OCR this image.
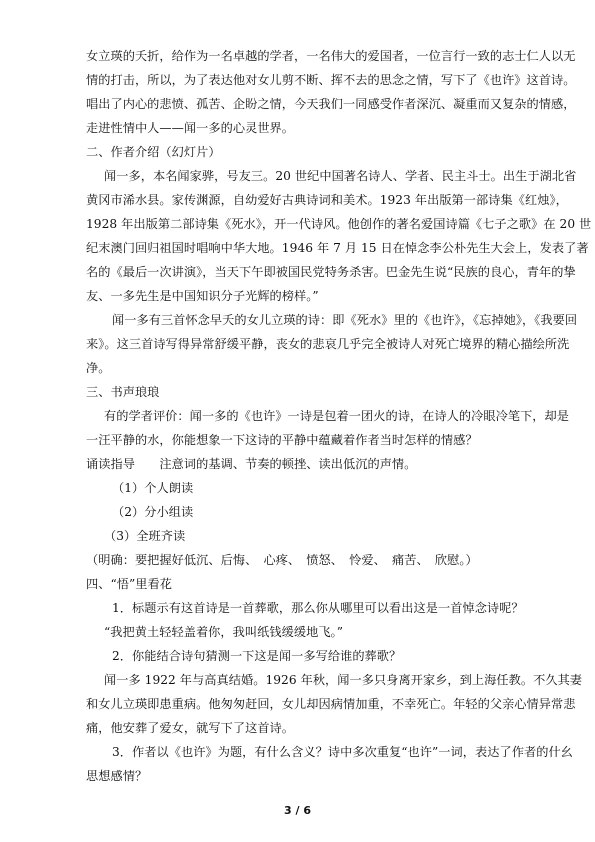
女立瑛的夭折，给作为一名卓越的学者，一名伟大的爱国者，一位言行一致的志士仁人以无
情的打击，所以，为了表达他对女儿剪不断、挥不去的思念之情，写下了《也许》这首诗。
唱出了内心的悲愤、孤苦、企盼之情，今天我们一同感受作者深沉、凝重而又复杂的情感，
走进性情中人——闻一多的心灵世界。
二、作者介绍（幻灯片）
闻一多，本名闻家骅，号友三。20 世纪中国著名诗人、学者、民主斗士。出生于湖北省
黄冈市浠水县。家传渊源，自幼爱好古典诗词和美术。1923 年出版第一部诗集《红烛》，
1928 年出版第二部诗集《死水》，开一代诗风。他创作的著名爱国诗篇《七子之歌》在 20 世
纪末澳门回归祖国时唱响中华大地。1946 年 7 月 15 日在悼念李公朴先生大会上，发表了著
名的《最后一次讲演》，当天下午即被国民党特务杀害。巴金先生说“民族的良心，青年的挚
友、一多先生是中国知识分子光辉的榜样。”
闻一多有三首怀念早夭的女儿立瑛的诗：即《死水》里的《也许》，《忘掉她》，《我要回
来》。这三首诗写得异常舒缓平静，丧女的悲哀几乎完全被诗人对死亡境界的精心描绘所洗
净。
三、书声琅琅
有的学者评价：闻一多的《也许》一诗是包着一团火的诗，在诗人的冷眼冷笔下，却是
一汪平静的水，你能想象一下这诗的平静中蕴藏着作者当时怎样的情感？
诵读指导　　注意词的基调、节奏的顿挫、读出低沉的声情。
（1）个人朗读
（2）分小组读
（3）全班齐读
（明确：要把握好低沉、后悔、　心疼、　愤怒、　怜爱、　痛苦、　欣慰。）
四、“悟”里看花
1．标题示有这首诗是一首葬歌，那么你从哪里可以看出这是一首悼念诗呢？
“我把黄土轻轻盖着你，我叫纸钱缓缓地飞。”
2．你能结合诗句猜测一下这是闻一多写给谁的葬歌？
闻一多 1922 年与高真结婚。1926 年秋，闻一多只身离开家乡，到上海任教。不久其妻
和女儿立瑛即患重病。他匆匆赶回，女儿却因病情加重，不幸死亡。年轻的父亲心情异常悲
痛，他安葬了爱女，就写下了这首诗。
3．作者以《也许》为题，有什么含义？诗中多次重复“也许”一词，表达了作者的什幺
思想感情？
3 / 6
